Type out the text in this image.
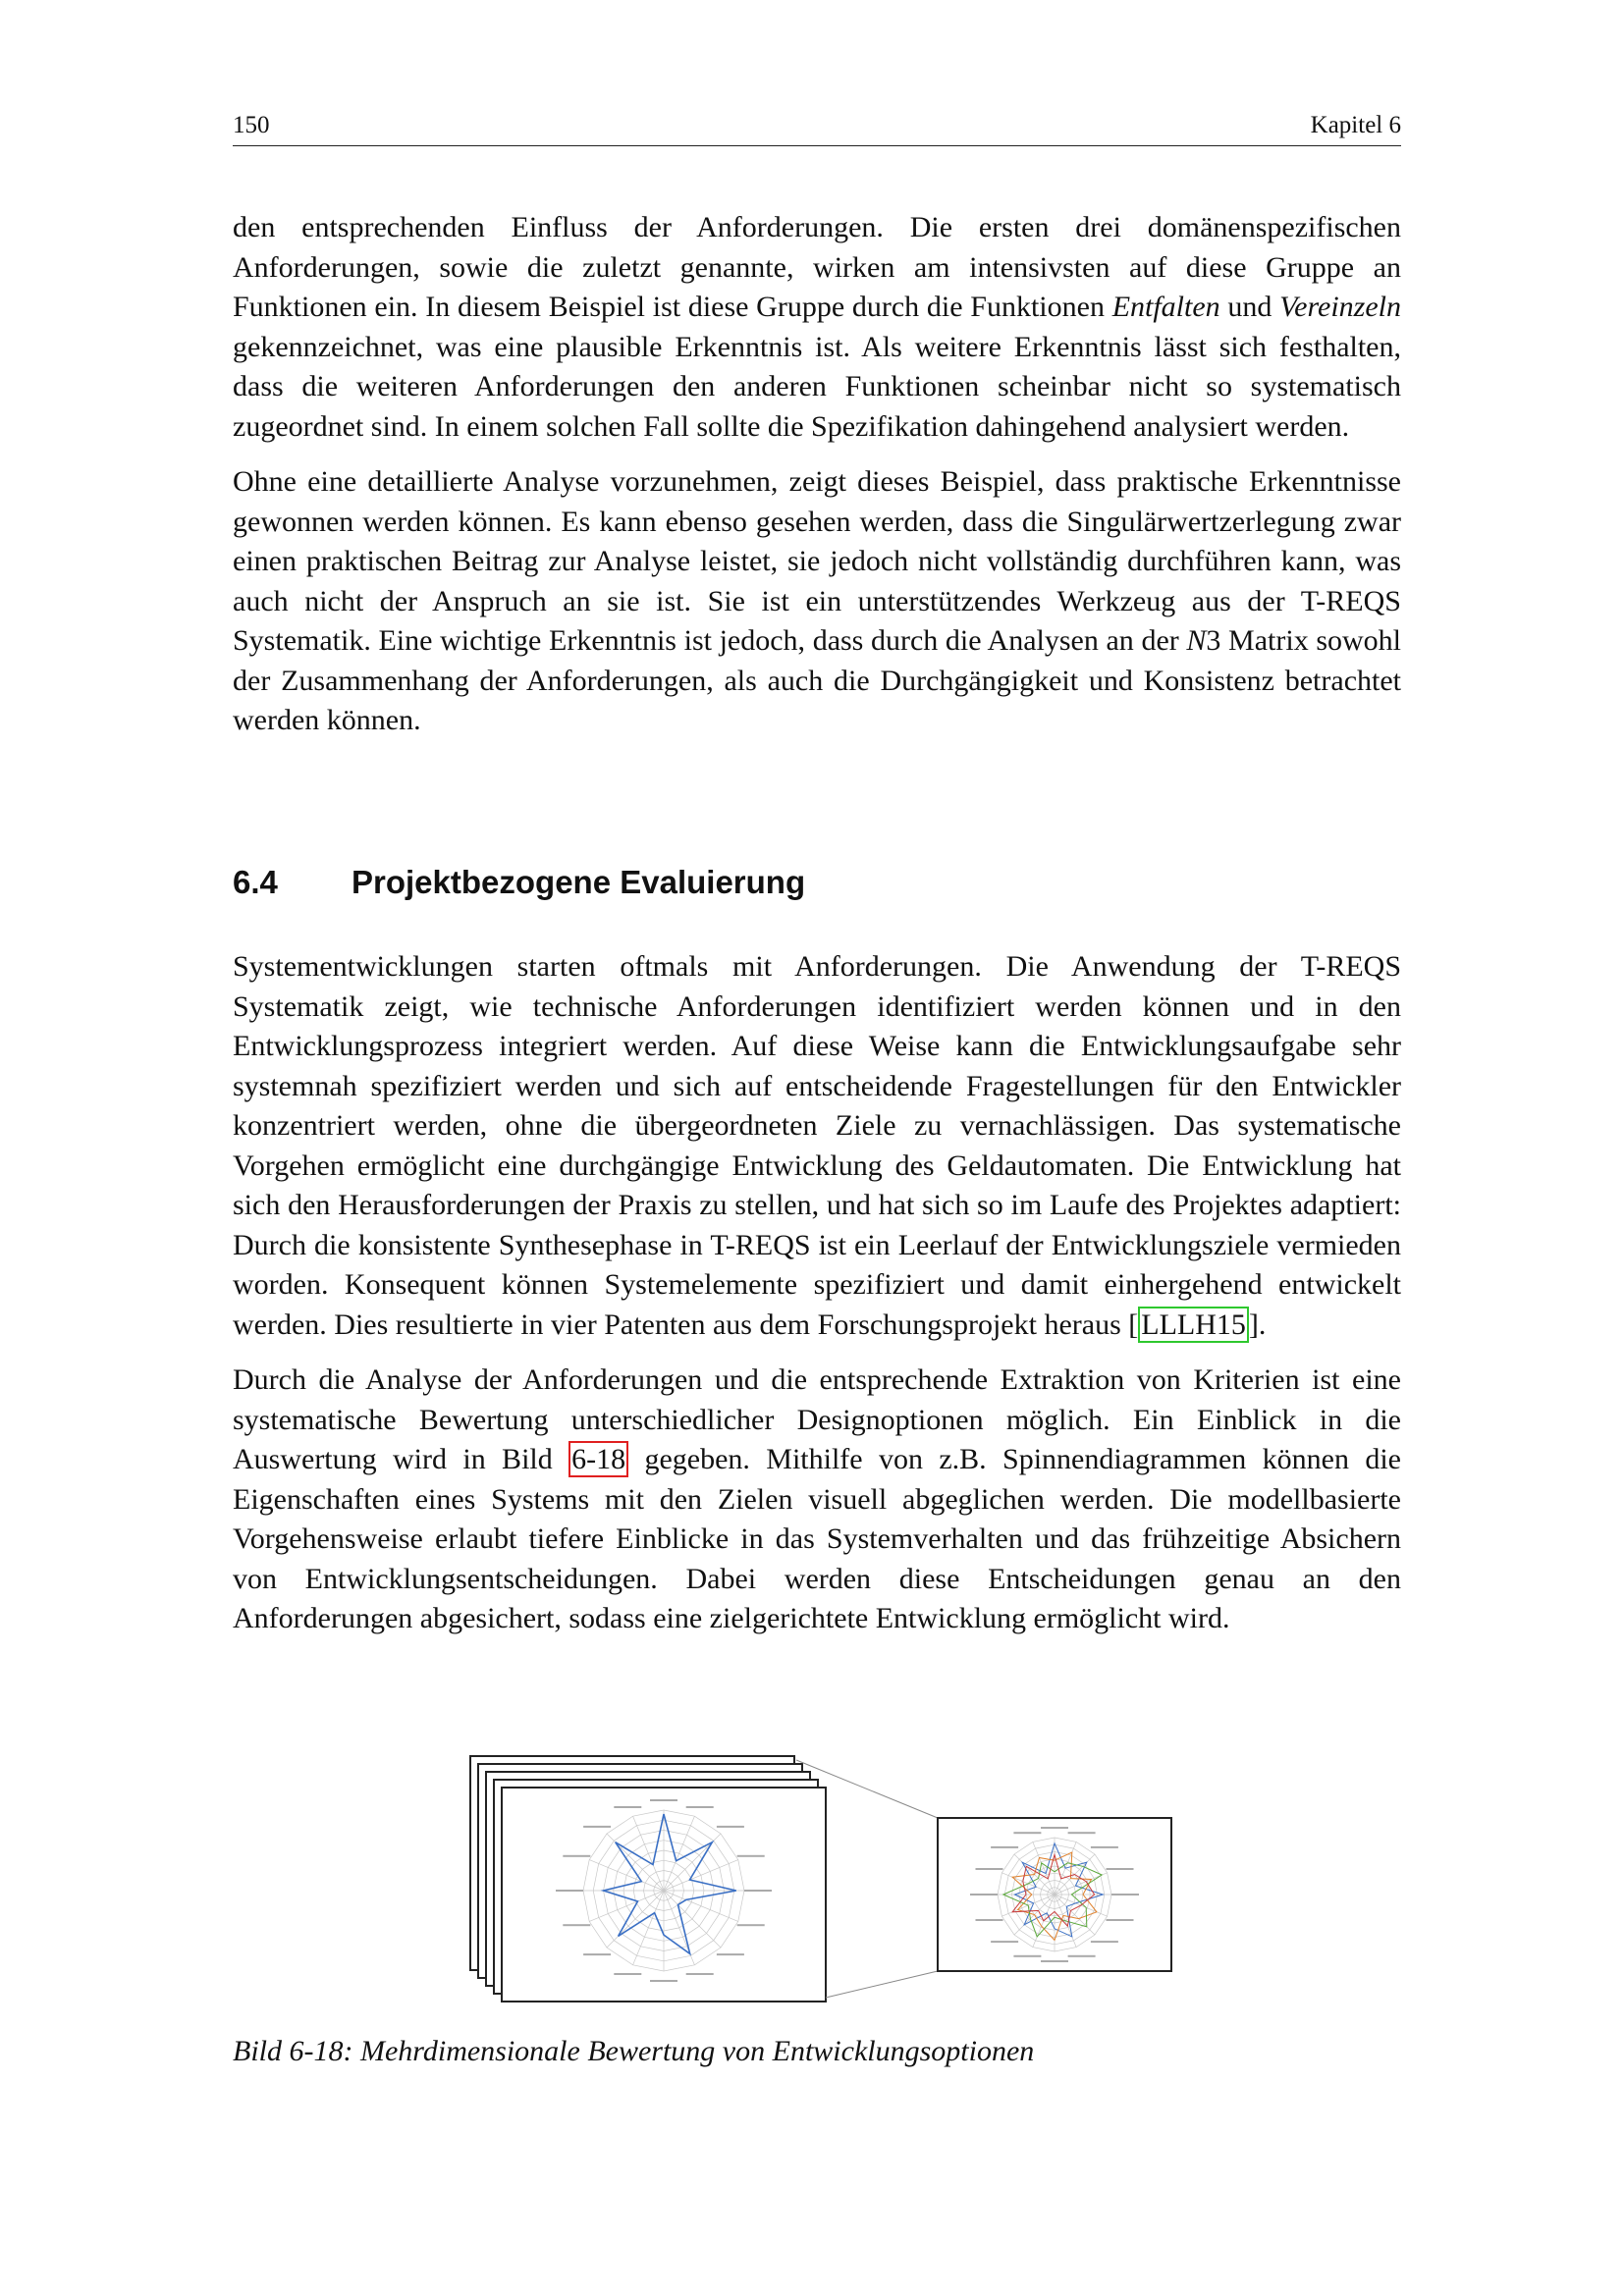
150	Kapitel 6

den entsprechenden Einfluss der Anforderungen. Die ersten drei domänenspezifischen Anforderungen, sowie die zuletzt genannte, wirken am intensivsten auf diese Gruppe an Funktionen ein. In diesem Beispiel ist diese Gruppe durch die Funktionen Entfalten und Vereinzeln gekennzeichnet, was eine plausible Erkenntnis ist. Als weitere Erkenntnis lässt sich festhalten, dass die weiteren Anforderungen den anderen Funktionen scheinbar nicht so systematisch zugeordnet sind. In einem solchen Fall sollte die Spezifikation dahingehend analysiert werden.

Ohne eine detaillierte Analyse vorzunehmen, zeigt dieses Beispiel, dass praktische Erkenntnisse gewonnen werden können. Es kann ebenso gesehen werden, dass die Singulärwertzerlegung zwar einen praktischen Beitrag zur Analyse leistet, sie jedoch nicht vollständig durchführen kann, was auch nicht der Anspruch an sie ist. Sie ist ein unterstützendes Werkzeug aus der T-REQS Systematik. Eine wichtige Erkenntnis ist jedoch, dass durch die Analysen an der N3 Matrix sowohl der Zusammenhang der Anforderungen, als auch die Durchgängigkeit und Konsistenz betrachtet werden können.

6.4 Projektbezogene Evaluierung

Systementwicklungen starten oftmals mit Anforderungen. Die Anwendung der T-REQS Systematik zeigt, wie technische Anforderungen identifiziert werden können und in den Entwicklungsprozess integriert werden. Auf diese Weise kann die Entwicklungsaufgabe sehr systemnah spezifiziert werden und sich auf entscheidende Fragestellungen für den Entwickler konzentriert werden, ohne die übergeordneten Ziele zu vernachlässigen. Das systematische Vorgehen ermöglicht eine durchgängige Entwicklung des Geldautomaten. Die Entwicklung hat sich den Herausforderungen der Praxis zu stellen, und hat sich so im Laufe des Projektes adaptiert: Durch die konsistente Synthesephase in T-REQS ist ein Leerlauf der Entwicklungsziele vermieden worden. Konsequent können Systemelemente spezifiziert und damit einhergehend entwickelt werden. Dies resultierte in vier Patenten aus dem Forschungsprojekt heraus [ LLLH15 ].

Durch die Analyse der Anforderungen und die entsprechende Extraktion von Kriterien ist eine systematische Bewertung unterschiedlicher Designoptionen möglich. Ein Einblick in die Auswertung wird in Bild 6-18 gegeben. Mithilfe von z.B. Spinnendiagrammen können die Eigenschaften eines Systems mit den Zielen visuell abgeglichen werden. Die modellbasierte Vorgehensweise erlaubt tiefere Einblicke in das Systemverhalten und das frühzeitige Absichern von Entwicklungsentscheidungen. Dabei werden diese Entscheidungen genau an den Anforderungen abgesichert, sodass eine zielgerichtete Entwicklung ermöglicht wird.

Bild 6-18: Mehrdimensionale Bewertung von Entwicklungsoptionen
